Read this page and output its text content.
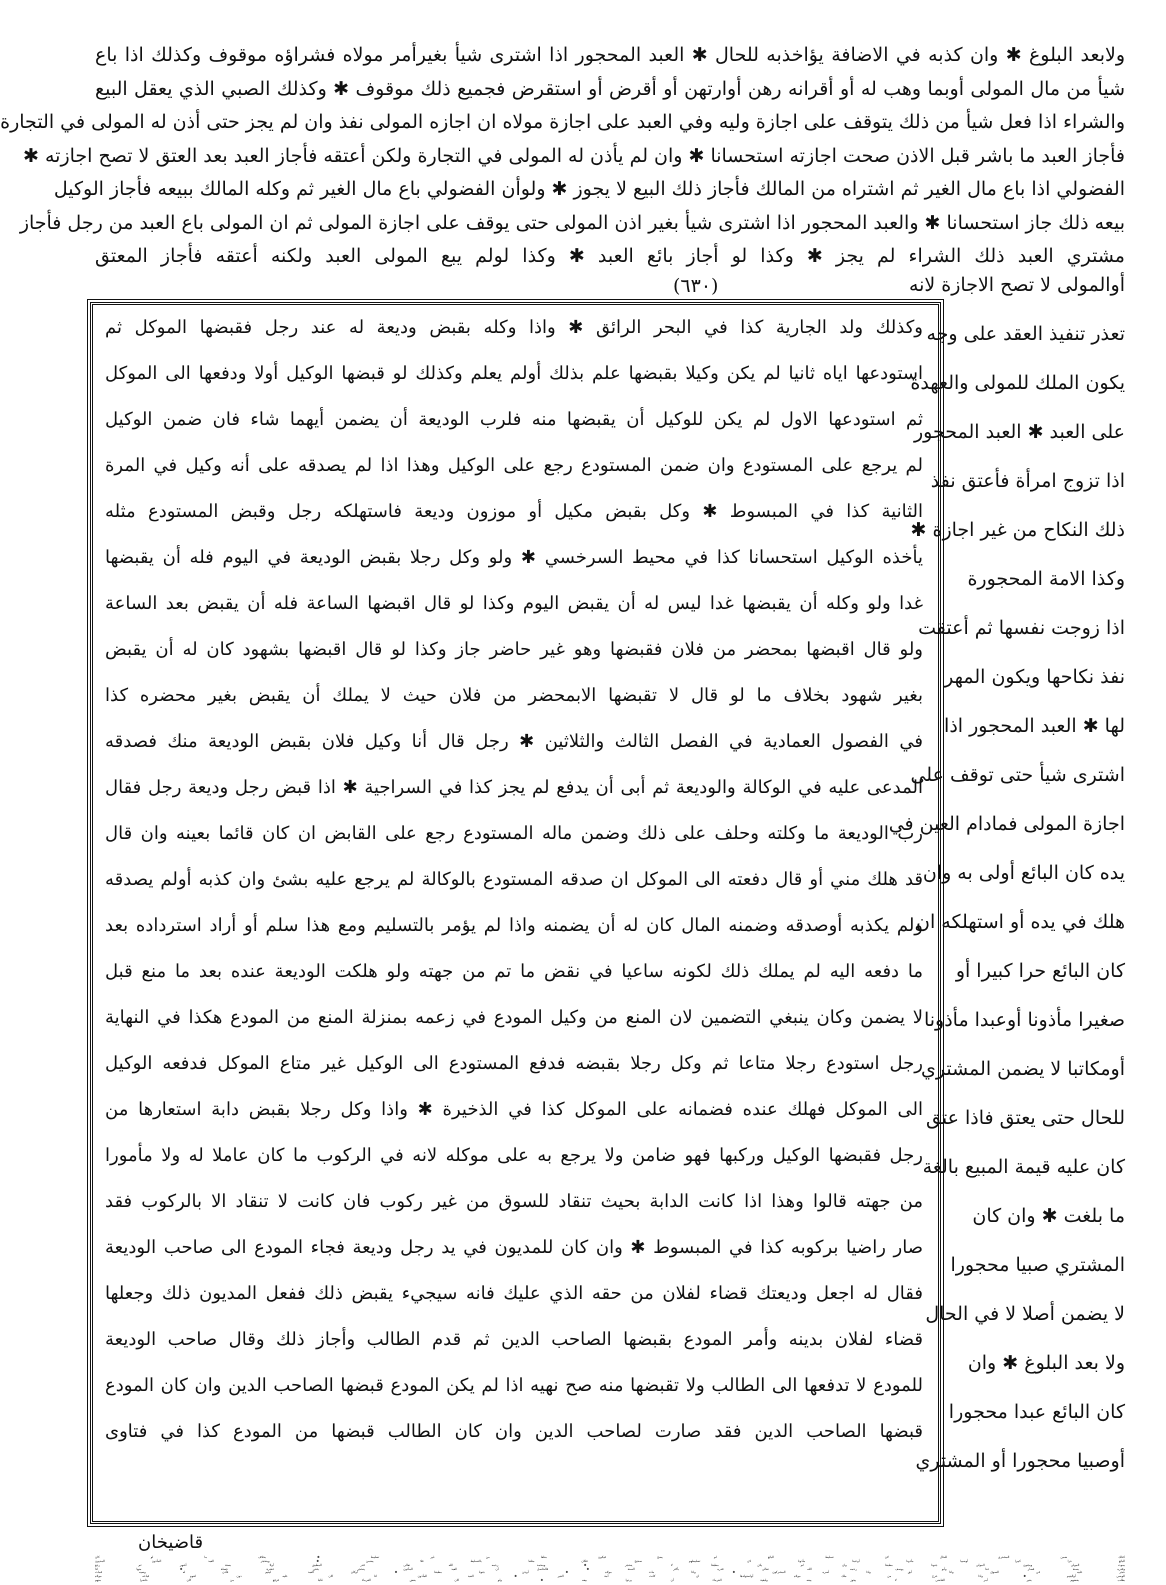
ولابعد البلوغ ✱ وان كذبه في الاضافة يؤاخذبه للحال ✱ العبد المحجور اذا اشترى شيأ بغيرأمر مولاه فشراؤه موقوف وكذلك اذا باع
شيأ من مال المولى أوبما وهب له أو أقرانه رهن أوارتهن أو أقرض أو استقرض فجميع ذلك موقوف ✱ وكذلك الصبي الذي يعقل البيع
والشراء اذا فعل شيأ من ذلك يتوقف على اجازة وليه وفي العبد على اجازة مولاه ان اجازه المولى نفذ وان لم يجز حتى أذن له المولى في التجارة
فأجاز العبد ما باشر قبل الاذن صحت اجازته استحسانا ✱ وان لم يأذن له المولى في التجارة ولكن أعتقه فأجاز العبد بعد العتق لا تصح اجازته ✱
الفضولي اذا باع مال الغير ثم اشتراه من المالك فأجاز ذلك البيع لا يجوز ✱ ولوأن الفضولي باع مال الغير ثم وكله المالك ببيعه فأجاز الوكيل
بيعه ذلك جاز استحسانا ✱ والعبد المحجور اذا اشترى شيأ بغير اذن المولى حتى يوقف على اجازة المولى ثم ان المولى باع العبد من رجل فأجاز
مشتري العبد ذلك الشراء لم يجز ✱ وكذا لو أجاز بائع العبد ✱ وكذا لولم يبع المولى العبد ولكنه أعتقه فأجاز المعتق
(٦٣٠)	أوالمولى لا تصح الاجازة لانه
تعذر تنفيذ العقد على وجه
يكون الملك للمولى والعهدة
على العبد ✱ العبد المحجور
اذا تزوج امرأة فأعتق نفذ
ذلك النكاح من غير اجازة ✱
وكذا الامة المحجورة
اذا زوجت نفسها ثم أعتقت
نفذ نكاحها ويكون المهر
لها ✱ العبد المحجور اذا
اشترى شيأ حتى توقف على
اجازة المولى فمادام العين في
يده كان البائع أولى به وان
هلك في يده أو استهلكه ان
كان البائع حرا كبيرا أو
صغيرا مأذونا أوعبدا مأذونا
أومكاتبا لا يضمن المشتري
للحال حتى يعتق فاذا عتق
كان عليه قيمة المبيع بالغة
ما بلغت ✱ وان كان
المشتري صبيا محجورا
لا يضمن أصلا لا في الحال
ولا بعد البلوغ ✱ وان
كان البائع عبدا محجورا
أوصبيا محجورا أو المشتري
وكذلك ولد الجارية كذا في البحر الرائق ✱ واذا وكله بقبض وديعة له عند رجل فقبضها الموكل ثم
استودعها اياه ثانيا لم يكن وكيلا بقبضها علم بذلك أولم يعلم وكذلك لو قبضها الوكيل أولا ودفعها الى الموكل
ثم استودعها الاول لم يكن للوكيل أن يقبضها منه فلرب الوديعة أن يضمن أيهما شاء فان ضمن الوكيل
لم يرجع على المستودع وان ضمن المستودع رجع على الوكيل وهذا اذا لم يصدقه على أنه وكيل في المرة
الثانية كذا في المبسوط ✱ وكل بقبض مكيل أو موزون وديعة فاستهلكه رجل وقبض المستودع مثله
يأخذه الوكيل استحسانا كذا في محيط السرخسي ✱ ولو وكل رجلا بقبض الوديعة في اليوم فله أن يقبضها
غدا ولو وكله أن يقبضها غدا ليس له أن يقبض اليوم وكذا لو قال اقبضها الساعة فله أن يقبض بعد الساعة
ولو قال اقبضها بمحضر من فلان فقبضها وهو غير حاضر جاز وكذا لو قال اقبضها بشهود كان له أن يقبض
بغير شهود بخلاف ما لو قال لا تقبضها الابمحضر من فلان حيث لا يملك أن يقبض بغير محضره كذا
في الفصول العمادية في الفصل الثالث والثلاثين ✱ رجل قال أنا وكيل فلان بقبض الوديعة منك فصدقه
المدعى عليه في الوكالة والوديعة ثم أبى أن يدفع لم يجز كذا في السراجية ✱ اذا قبض رجل وديعة رجل فقال
رب الوديعة ما وكلته وحلف على ذلك وضمن ماله المستودع رجع على القابض ان كان قائما بعينه وان قال
قد هلك مني أو قال دفعته الى الموكل ان صدقه المستودع بالوكالة لم يرجع عليه بشئ وان كذبه أولم يصدقه
ولم يكذبه أوصدقه وضمنه المال كان له أن يضمنه واذا لم يؤمر بالتسليم ومع هذا سلم أو أراد استرداده بعد
ما دفعه اليه لم يملك ذلك لكونه ساعيا في نقض ما تم من جهته ولو هلكت الوديعة عنده بعد ما منع قبل
لا يضمن وكان ينبغي التضمين لان المنع من وكيل المودع في زعمه بمنزلة المنع من المودع هكذا في النهاية
رجل استودع رجلا متاعا ثم وكل رجلا بقبضه فدفع المستودع الى الوكيل غير متاع الموكل فدفعه الوكيل
الى الموكل فهلك عنده فضمانه على الموكل كذا في الذخيرة ✱ واذا وكل رجلا بقبض دابة استعارها من
رجل فقبضها الوكيل وركبها فهو ضامن ولا يرجع به على موكله لانه في الركوب ما كان عاملا له ولا مأمورا
من جهته قالوا وهذا اذا كانت الدابة بحيث تنقاد للسوق من غير ركوب فان كانت لا تنقاد الا بالركوب فقد
صار راضيا بركوبه كذا في المبسوط ✱ وان كان للمديون في يد رجل وديعة فجاء المودع الى صاحب الوديعة
فقال له اجعل وديعتك قضاء لفلان من حقه الذي عليك فانه سيجيء يقبض ذلك ففعل المديون ذلك وجعلها
قضاء لفلان بدينه وأمر المودع بقبضها الصاحب الدين ثم قدم الطالب وأجاز ذلك وقال صاحب الوديعة
للمودع لا تدفعها الى الطالب ولا تقبضها منه صح نهيه اذا لم يكن المودع قبضها الصاحب الدين وان كان المودع
قبضها الصاحب الدين فقد صارت لصاحب الدين وان كان الطالب قبضها من المودع كذا في فتاوى
قاضيخان
كذلك ضمن المشتري للحال لان تسليط البائع لم يصح فيكون متلفا من غير تسليط ✱ بخلاف ما لو كان
البائع حرا كبيرا أوصبيا مأذونا أوعبدا مأذونا لان تسليطهم صحيح فكان متلفا بالتسليط فلا يضمن ✱ وينحجر العبد المأذون المديون
بموت المولى وبجنون المولى جنونا مطبقا وان لم يكن مطبقا لا ينحجر ✱ ومحمد رحمه الله تعالى قدر المطبق أولا بستة أشهر ثم رجع
وقدره بسنة فصار عدا وأبو يوسف رحمه الله تعالى قدره بأكثر السنة ✱ فالحاصل أن العبد المأذون ينحجر بثنتي عشرة خصلة ✱ منها اذا
حجر عليه في السوق واذا أبق واذا أسره المشركون ✱ واذا مات مولاه ✱ أوجن جنونا مطبقا ✱ أوكان العبد ليتيم فأذن له وصيه فمات
الوصي أواليتيم ✱ واذا خرج من ملك مولاه أواستولدها ان كانت أمة الغير ✱ العبد المأذون اذا كان عليه دون لقوم فباعه مولاه
بطلب بعضهم بغير أمر القاضي لا يجوز بيعه ولبقية الغرماء أن يردوا بيعه ✱ ولو كان بعض الغرماء غائبا فرفع من كان حاضرا منهم
